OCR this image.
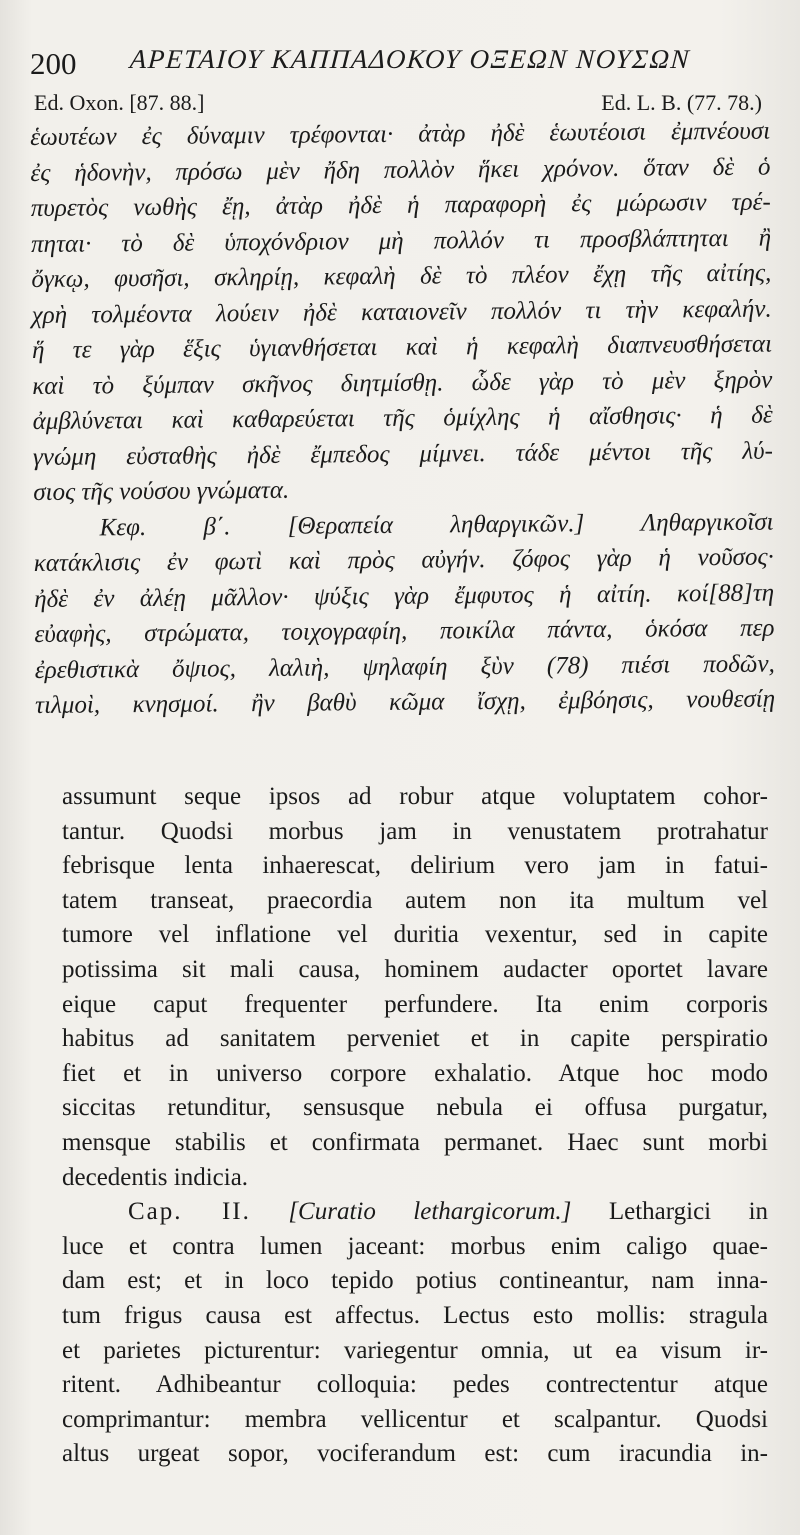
200 ΑΡΕΤΑΙΟΥ ΚΑΠΠΑΔΟΚΟΥ ΟΞΕΩΝ ΝΟΥΣΩΝ
Ed. Oxon. [87. 88.]	Ed. L. B. (77. 78.)
ἑωυτέων ἐς δύναμιν τρέφονται· ἀτὰρ ἠδὲ ἑωυτέοισι ἐμπνέουσι
ἐς ἡδονὴν, πρόσω μὲν ἤδη πολλὸν ἥκει χρόνον. ὅταν δὲ ὁ
πυρετὸς νωθὴς ἔῃ, ἀτὰρ ἠδὲ ἡ παραφορὴ ἐς μώρωσιν τρέ-
πηται· τὸ δὲ ὑποχόνδριον μὴ πολλόν τι προσβλάπτηται ἢ
ὄγκῳ, φυσῆσι, σκληρίῃ, κεφαλὴ δὲ τὸ πλέον ἔχῃ τῆς αἰτίης,
χρὴ τολμέοντα λούειν ἠδὲ καταιονεῖν πολλόν τι τὴν κεφαλήν.
ἥ τε γὰρ ἕξις ὑγιανθήσεται καὶ ἡ κεφαλὴ διαπνευσθήσεται
καὶ τὸ ξύμπαν σκῆνος διητμίσθῃ. ὧδε γὰρ τὸ μὲν ξηρὸν
ἀμβλύνεται καὶ καθαρεύεται τῆς ὁμίχλης ἡ αἴσθησις· ἡ δὲ
γνώμη εὐσταθὴς ἠδὲ ἔμπεδος μίμνει. τάδε μέντοι τῆς λύ-
σιος τῆς νούσου γνώματα.
Κεφ. β΄. [Θεραπεία ληθαργικῶν.] Ληθαργικοῖσι
κατάκλισις ἐν φωτὶ καὶ πρὸς αὐγήν. ζόφος γὰρ ἡ νοῦσος·
ἠδὲ ἐν ἀλέῃ μᾶλλον· ψύξις γὰρ ἔμφυτος ἡ αἰτίη. κοί[88]τη
εὐαφὴς, στρώματα, τοιχογραφίη, ποικίλα πάντα, ὁκόσα περ
ἐρεθιστικὰ ὄψιος, λαλιὴ, ψηλαφίη ξὺν (78) πιέσι ποδῶν,
τιλμοὶ, κνησμοί. ἢν βαθὺ κῶμα ἴσχῃ, ἐμβόησις, νουθεσίῃ
assumunt seque ipsos ad robur atque voluptatem cohor-
tantur. Quodsi morbus jam in venustatem protrahatur
febrisque lenta inhaerescat, delirium vero jam in fatui-
tatem transeat, praecordia autem non ita multum vel
tumore vel inflatione vel duritia vexentur, sed in capite
potissima sit mali causa, hominem audacter oportet lavare
eique caput frequenter perfundere. Ita enim corporis
habitus ad sanitatem perveniet et in capite perspiratio
fiet et in universo corpore exhalatio. Atque hoc modo
siccitas retunditur, sensusque nebula ei offusa purgatur,
mensque stabilis et confirmata permanet. Haec sunt morbi
decedentis indicia.
Cap. II. [Curatio lethargicorum.] Lethargici in
luce et contra lumen jaceant: morbus enim caligo quae-
dam est; et in loco tepido potius contineantur, nam inna-
tum frigus causa est affectus. Lectus esto mollis: stragula
et parietes picturentur: variegentur omnia, ut ea visum ir-
ritent. Adhibeantur colloquia: pedes contrectentur atque
comprimantur: membra vellicentur et scalpantur. Quodsi
altus urgeat sopor, vociferandum est: cum iracundia in-
